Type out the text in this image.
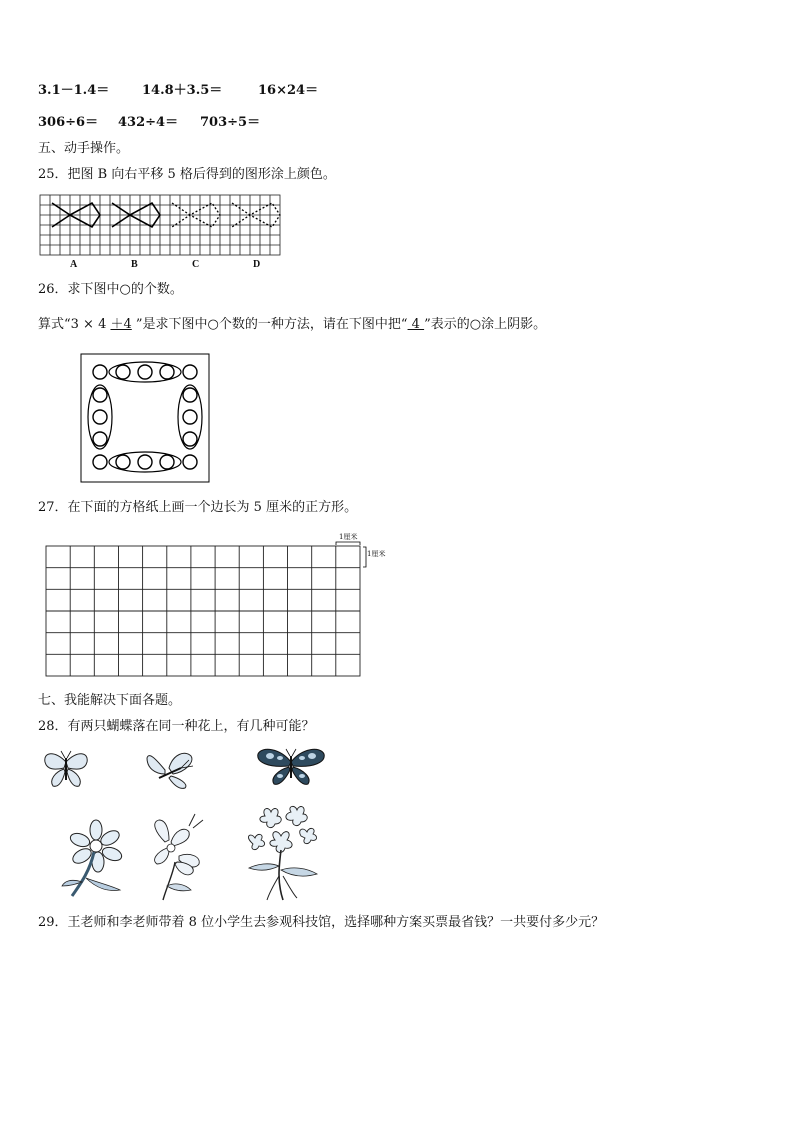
3.1－1.4＝	14.8＋3.5＝	16×24＝
306÷6＝ 432÷4＝ 703÷5＝
五、动手操作。
25．把图 B 向右平移 5 格后得到的图形涂上颜色。
A	B	C	D
26．求下图中○的个数。
算式“3 × 4 ＋4 ”是求下图中○个数的一种方法，请在下图中把“ 4 ”表示的○涂上阴影。
27．在下面的方格纸上画一个边长为 5 厘米的正方形。
1厘米
1厘米
七、我能解决下面各题。
28．有两只蝴蝶落在同一种花上，有几种可能？
29．王老师和李老师带着 8 位小学生去参观科技馆，选择哪种方案买票最省钱？一共要付多少元？
